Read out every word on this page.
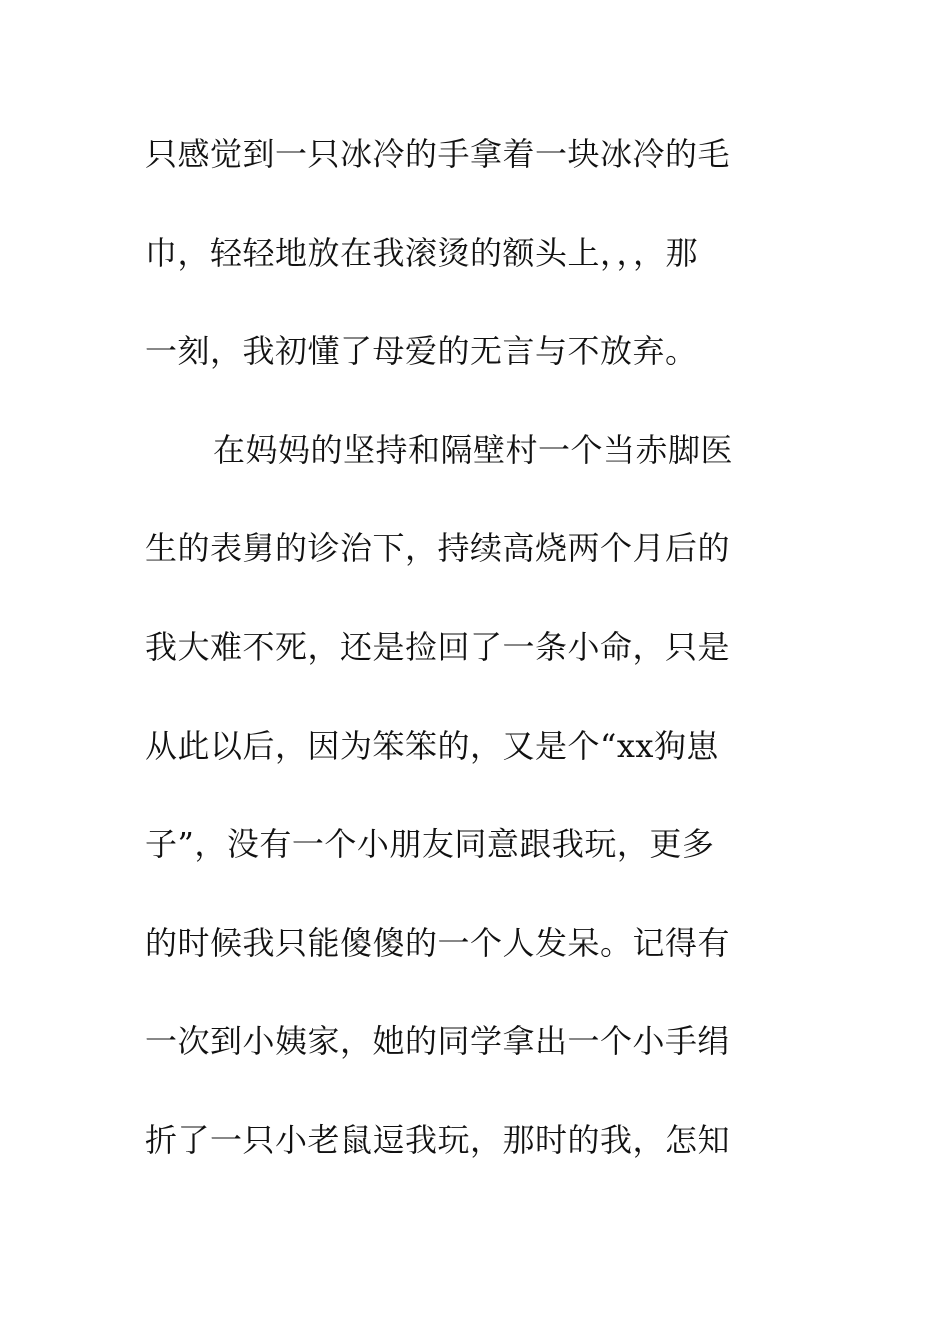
只感觉到一只冰冷的手拿着一块冰冷的毛
巾，轻轻地放在我滚烫的额头上，，，那
一刻，我初懂了母爱的无言与不放弃。
在妈妈的坚持和隔壁村一个当赤脚医
生的表舅的诊治下，持续高烧两个月后的
我大难不死，还是捡回了一条小命，只是
从此以后，因为笨笨的，又是个“xx狗崽
子”，没有一个小朋友同意跟我玩，更多
的时候我只能傻傻的一个人发呆。记得有
一次到小姨家，她的同学拿出一个小手绢
折了一只小老鼠逗我玩，那时的我，怎知
